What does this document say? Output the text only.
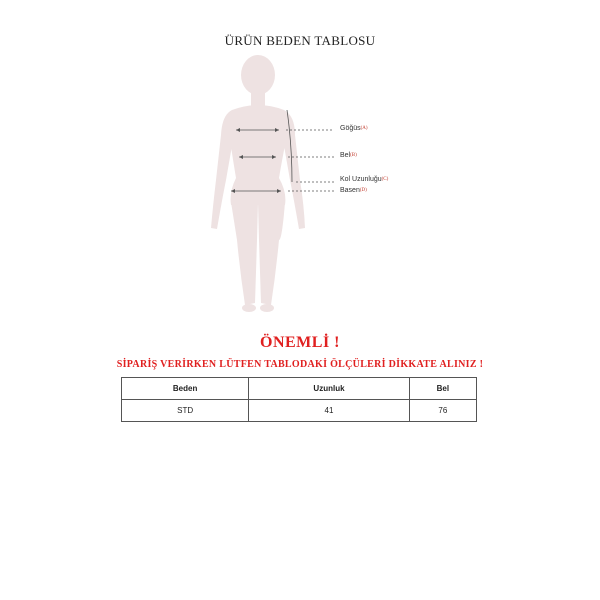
ÜRÜN BEDEN TABLOSU
Göğüs(A)
Bel(B)
Kol Uzunluğu(C)
Basen(D)
ÖNEMLİ !
SİPARİŞ VERİRKEN LÜTFEN TABLODAKİ ÖLÇÜLERİ DİKKATE ALINIZ !
Beden	Uzunluk	Bel
STD	41	76
